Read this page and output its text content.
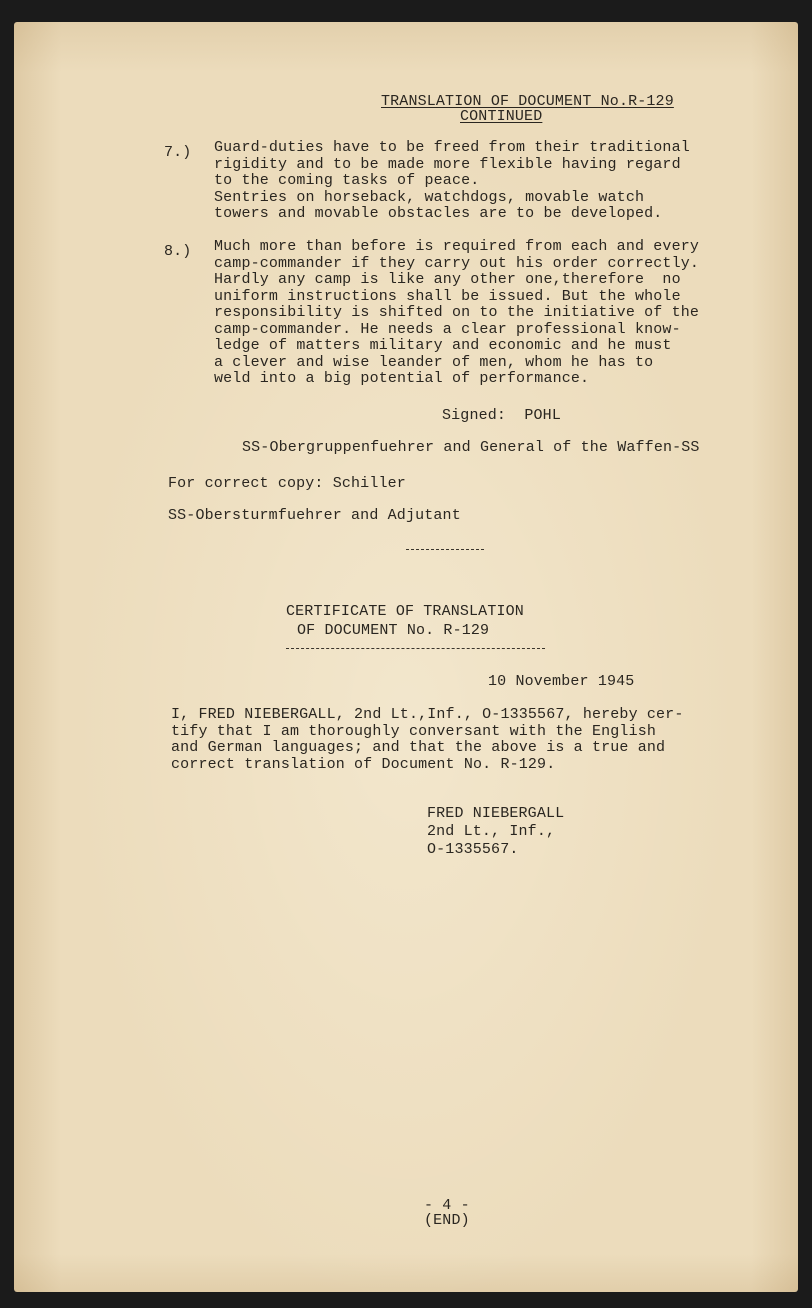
TRANSLATION OF DOCUMENT No.R-129
CONTINUED
7.) Guard-duties have to be freed from their traditional
rigidity and to be made more flexible having regard
to the coming tasks of peace.
Sentries on horseback, watchdogs, movable watch
towers and movable obstacles are to be developed.
8.) Much more than before is required from each and every
camp-commander if they carry out his order correctly.
Hardly any camp is like any other one,therefore  no
uniform instructions shall be issued. But the whole
responsibility is shifted on to the initiative of the
camp-commander. He needs a clear professional know-
ledge of matters military and economic and he must
a clever and wise leander of men, whom he has to
weld into a big potential of performance.
Signed:  POHL
SS-Obergruppenfuehrer and General of the Waffen-SS
For correct copy: Schiller
SS-Obersturmfuehrer and Adjutant
CERTIFICATE OF TRANSLATION
OF DOCUMENT No. R-129
10 November 1945
I, FRED NIEBERGALL, 2nd Lt.,Inf., O-1335567, hereby cer-
tify that I am thoroughly conversant with the English
and German languages; and that the above is a true and
correct translation of Document No. R-129.
FRED NIEBERGALL
2nd Lt., Inf.,
O-1335567.
- 4 -
(END)
